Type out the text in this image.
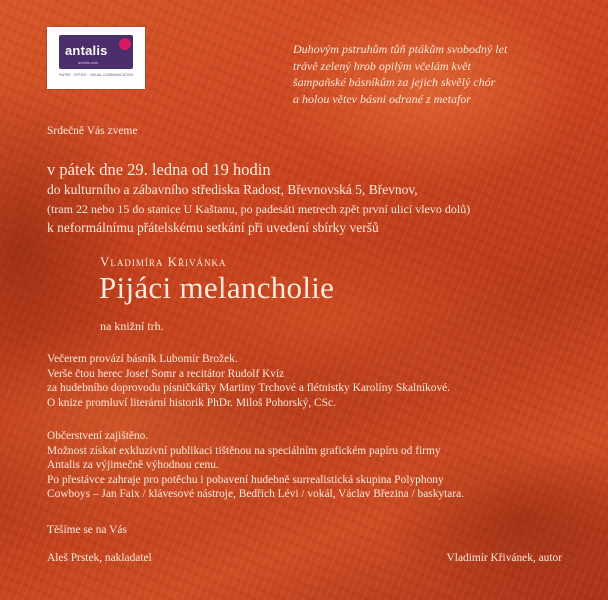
antalis
antalis.com
PAPER · OFFICE · VISUAL COMMUNICATION

Duhovým pstruhům tůň ptákům svobodný let

trávě zelený hrob opilým včelám květ

šampaňské básníkům za jejich skvělý chór

a holou větev básni odrané z metafor

Srdečně Vás zveme

v pátek dne 29. ledna od 19 hodin

do kulturního a zábavního střediska Radost, Břevnovská 5, Břevnov,

(tram 22 nebo 15 do stanice U Kaštanu, po padesáti metrech zpět první ulicí vlevo dolů)

k neformálnímu přátelskému setkání při uvedení sbírky veršů

Vladimíra Křivánka

Pijáci melancholie

na knižní trh.

Večerem provází básník Lubomír Brožek.

Verše čtou herec Josef Somr a recitátor Rudolf Kvíz

za hudebního doprovodu písničkářky Martiny Trchové a flétnistky Karolíny Skalníkové.

O knize promluví literární historik PhDr. Miloš Pohorský, CSc.

Občerstvení zajištěno.

Možnost získat exkluzivní publikaci tištěnou na speciálním grafickém papíru od firmy

Antalis za výjimečně výhodnou cenu.

Po přestávce zahraje pro potěchu i pobavení hudebně surrealistická skupina Polyphony

Cowboys – Jan Faix / klávesové nástroje, Bedřich Lévi / vokál, Václav Březina / baskytara.

Těšíme se na Vás

Aleš Prstek, nakladatel	Vladimír Křivánek, autor
